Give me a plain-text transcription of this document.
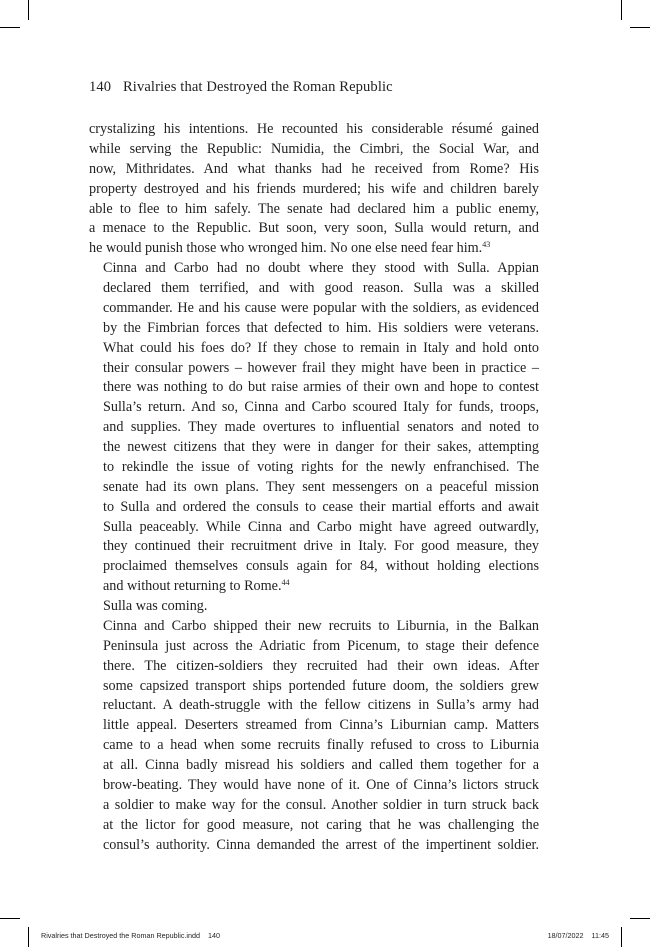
140 Rivalries that Destroyed the Roman Republic

crystalizing his intentions. He recounted his considerable résumé gained
while serving the Republic: Numidia, the Cimbri, the Social War, and
now, Mithridates. And what thanks had he received from Rome? His
property destroyed and his friends murdered; his wife and children barely
able to flee to him safely. The senate had declared him a public enemy,
a menace to the Republic. But soon, very soon, Sulla would return, and
he would punish those who wronged him. No one else need fear him.$^{43}$

Cinna and Carbo had no doubt where they stood with Sulla. Appian
declared them terrified, and with good reason. Sulla was a skilled
commander. He and his cause were popular with the soldiers, as evidenced
by the Fimbrian forces that defected to him. His soldiers were veterans.
What could his foes do? If they chose to remain in Italy and hold onto
their consular powers – however frail they might have been in practice –
there was nothing to do but raise armies of their own and hope to contest
Sulla’s return. And so, Cinna and Carbo scoured Italy for funds, troops,
and supplies. They made overtures to influential senators and noted to
the newest citizens that they were in danger for their sakes, attempting
to rekindle the issue of voting rights for the newly enfranchised. The
senate had its own plans. They sent messengers on a peaceful mission
to Sulla and ordered the consuls to cease their martial efforts and await
Sulla peaceably. While Cinna and Carbo might have agreed outwardly,
they continued their recruitment drive in Italy. For good measure, they
proclaimed themselves consuls again for 84, without holding elections
and without returning to Rome.$^{44}$

Sulla was coming.

Cinna and Carbo shipped their new recruits to Liburnia, in the Balkan
Peninsula just across the Adriatic from Picenum, to stage their defence
there. The citizen-soldiers they recruited had their own ideas. After
some capsized transport ships portended future doom, the soldiers grew
reluctant. A death-struggle with the fellow citizens in Sulla’s army had
little appeal. Deserters streamed from Cinna’s Liburnian camp. Matters
came to a head when some recruits finally refused to cross to Liburnia
at all. Cinna badly misread his soldiers and called them together for a
brow-beating. They would have none of it. One of Cinna’s lictors struck
a soldier to make way for the consul. Another soldier in turn struck back
at the lictor for good measure, not caring that he was challenging the
consul’s authority. Cinna demanded the arrest of the impertinent soldier.

Rivalries that Destroyed the Roman Republic.indd 140	18/07/2022 11:45
